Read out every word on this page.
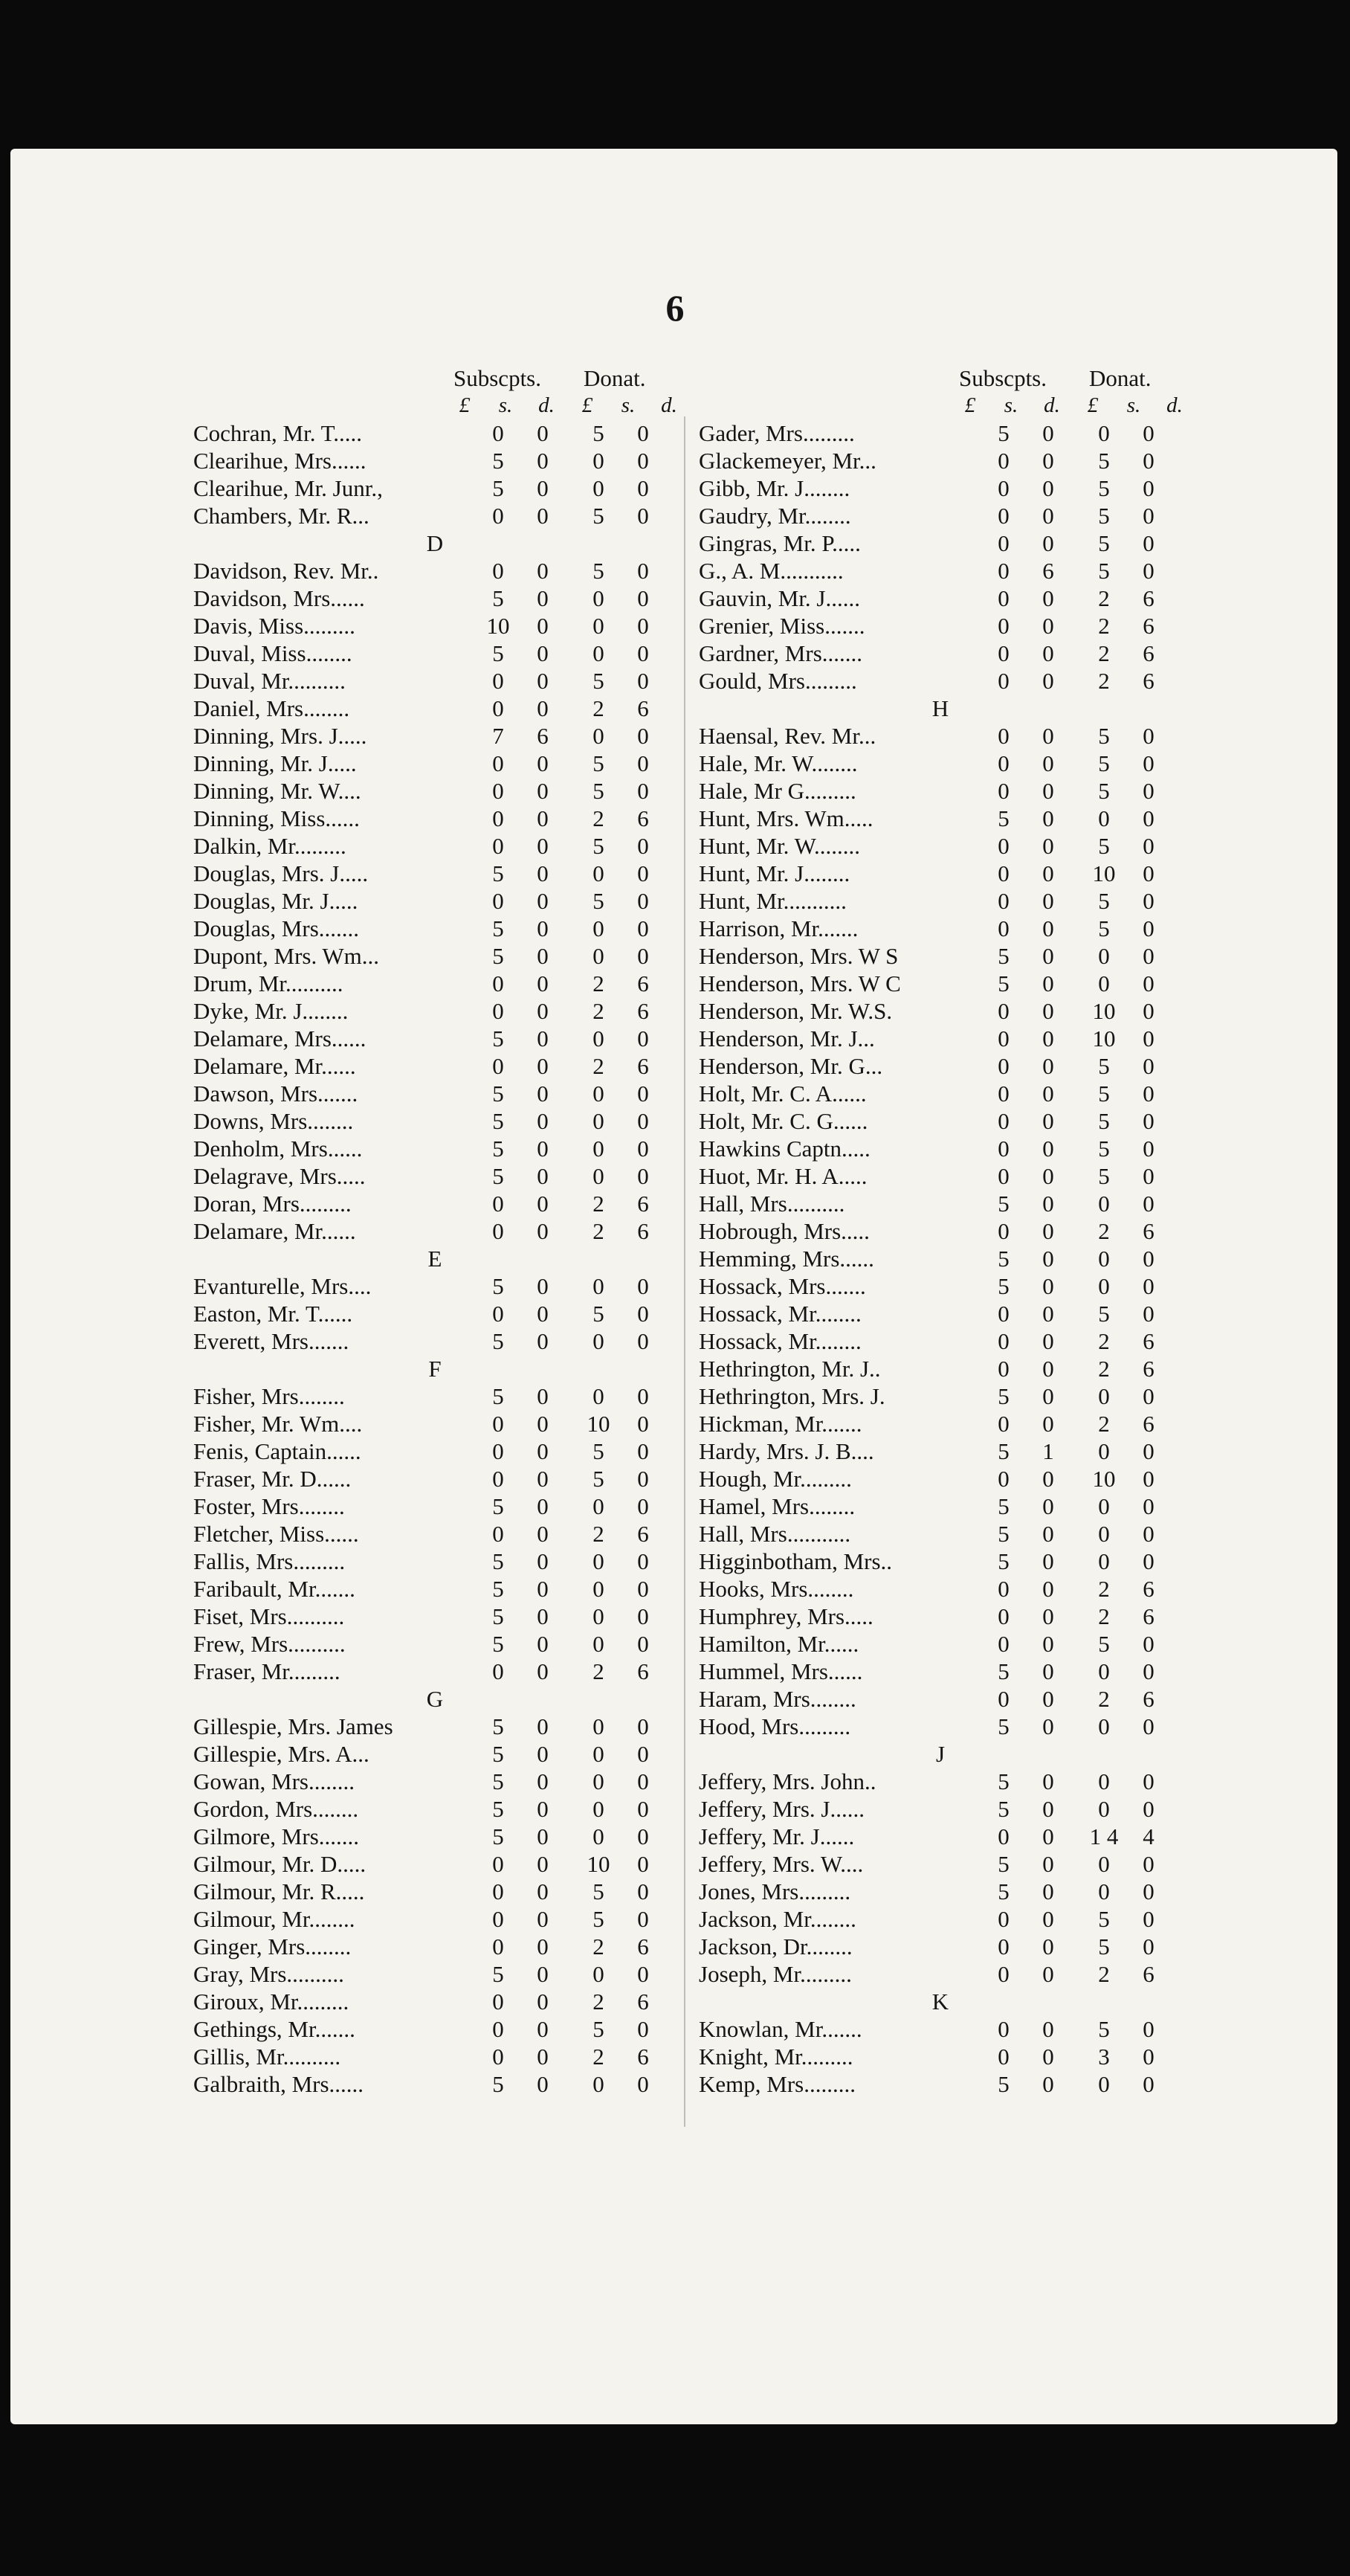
6
Subscpts. Donat.
£	s.	d.	£	s.	d.
Cochran, Mr. T.....	0	0	5	0
Clearihue, Mrs......	5	0	0	0
Clearihue, Mr. Junr.,	5	0	0	0
Chambers, Mr. R...	0	0	5	0
D
Davidson, Rev. Mr..	0	0	5	0
Davidson, Mrs......	5	0	0	0
Davis, Miss.........	10	0	0	0
Duval, Miss........	5	0	0	0
Duval, Mr..........	0	0	5	0
Daniel, Mrs........	0	0	2	6
Dinning, Mrs. J.....	7	6	0	0
Dinning, Mr. J.....	0	0	5	0
Dinning, Mr. W....	0	0	5	0
Dinning, Miss......	0	0	2	6
Dalkin, Mr.........	0	0	5	0
Douglas, Mrs. J.....	5	0	0	0
Douglas, Mr. J.....	0	0	5	0
Douglas, Mrs.......	5	0	0	0
Dupont, Mrs. Wm...	5	0	0	0
Drum, Mr..........	0	0	2	6
Dyke, Mr. J........	0	0	2	6
Delamare, Mrs......	5	0	0	0
Delamare, Mr......	0	0	2	6
Dawson, Mrs.......	5	0	0	0
Downs, Mrs........	5	0	0	0
Denholm, Mrs......	5	0	0	0
Delagrave, Mrs.....	5	0	0	0
Doran, Mrs.........	0	0	2	6
Delamare, Mr......	0	0	2	6
E
Evanturelle, Mrs....	5	0	0	0
Easton, Mr. T......	0	0	5	0
Everett, Mrs.......	5	0	0	0
F
Fisher, Mrs........	5	0	0	0
Fisher, Mr. Wm....	0	0	10	0
Fenis, Captain......	0	0	5	0
Fraser, Mr. D......	0	0	5	0
Foster, Mrs........	5	0	0	0
Fletcher, Miss......	0	0	2	6
Fallis, Mrs.........	5	0	0	0
Faribault, Mr.......	5	0	0	0
Fiset, Mrs..........	5	0	0	0
Frew, Mrs..........	5	0	0	0
Fraser, Mr.........	0	0	2	6
G
Gillespie, Mrs. James	5	0	0	0
Gillespie, Mrs. A...	5	0	0	0
Gowan, Mrs........	5	0	0	0
Gordon, Mrs........	5	0	0	0
Gilmore, Mrs.......	5	0	0	0
Gilmour, Mr. D.....	0	0	10	0
Gilmour, Mr. R.....	0	0	5	0
Gilmour, Mr........	0	0	5	0
Ginger, Mrs........	0	0	2	6
Gray, Mrs..........	5	0	0	0
Giroux, Mr.........	0	0	2	6
Gethings, Mr.......	0	0	5	0
Gillis, Mr..........	0	0	2	6
Galbraith, Mrs......	5	0	0	0
Subscpts. Donat.
£	s.	d.	£	s.	d.
Gader, Mrs.........	5	0	0	0
Glackemeyer, Mr...	0	0	5	0
Gibb, Mr. J........	0	0	5	0
Gaudry, Mr........	0	0	5	0
Gingras, Mr. P.....	0	0	5	0
G., A. M...........	0	6	5	0
Gauvin, Mr. J......	0	0	2	6
Grenier, Miss.......	0	0	2	6
Gardner, Mrs.......	0	0	2	6
Gould, Mrs.........	0	0	2	6
H
Haensal, Rev. Mr...	0	0	5	0
Hale, Mr. W........	0	0	5	0
Hale, Mr G.........	0	0	5	0
Hunt, Mrs. Wm.....	5	0	0	0
Hunt, Mr. W........	0	0	5	0
Hunt, Mr. J........	0	0	10	0
Hunt, Mr...........	0	0	5	0
Harrison, Mr.......	0	0	5	0
Henderson, Mrs. W S	5	0	0	0
Henderson, Mrs. W C	5	0	0	0
Henderson, Mr. W.S.	0	0	10	0
Henderson, Mr. J...	0	0	10	0
Henderson, Mr. G...	0	0	5	0
Holt, Mr. C. A......	0	0	5	0
Holt, Mr. C. G......	0	0	5	0
Hawkins Captn.....	0	0	5	0
Huot, Mr. H. A.....	0	0	5	0
Hall, Mrs..........	5	0	0	0
Hobrough, Mrs.....	0	0	2	6
Hemming, Mrs......	5	0	0	0
Hossack, Mrs.......	5	0	0	0
Hossack, Mr........	0	0	5	0
Hossack, Mr........	0	0	2	6
Hethrington, Mr. J..	0	0	2	6
Hethrington, Mrs. J.	5	0	0	0
Hickman, Mr.......	0	0	2	6
Hardy, Mrs. J. B....	5	1	0	0
Hough, Mr.........	0	0	10	0
Hamel, Mrs........	5	0	0	0
Hall, Mrs...........	5	0	0	0
Higginbotham, Mrs..	5	0	0	0
Hooks, Mrs........	0	0	2	6
Humphrey, Mrs.....	0	0	2	6
Hamilton, Mr......	0	0	5	0
Hummel, Mrs......	5	0	0	0
Haram, Mrs........	0	0	2	6
Hood, Mrs.........	5	0	0	0
J
Jeffery, Mrs. John..	5	0	0	0
Jeffery, Mrs. J......	5	0	0	0
Jeffery, Mr. J......	0	0	1 4	4
Jeffery, Mrs. W....	5	0	0	0
Jones, Mrs.........	5	0	0	0
Jackson, Mr........	0	0	5	0
Jackson, Dr........	0	0	5	0
Joseph, Mr.........	0	0	2	6
K
Knowlan, Mr.......	0	0	5	0
Knight, Mr.........	0	0	3	0
Kemp, Mrs.........	5	0	0	0
